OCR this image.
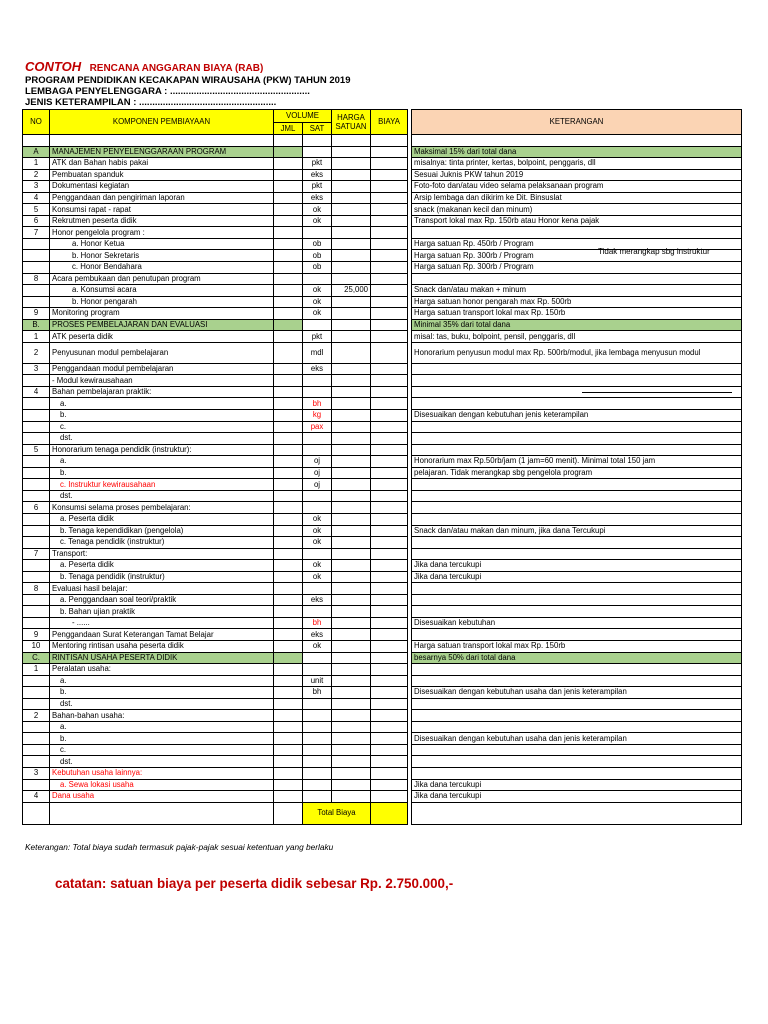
CONTOH RENCANA ANGGARAN BIAYA (RAB)
PROGRAM PENDIDIKAN KECAKAPAN WIRAUSAHA (PKW) TAHUN 2019
LEMBAGA PENYELENGGARA : .....................................................
JENIS KETERAMPILAN : ....................................................
NO	KOMPONEN PEMBIAYAAN	VOLUME		HARGA SATUAN	BIAYA		KETERANGAN
		JML	SAT				

A	MANAJEMEN PENYELENGGARAAN PROGRAM						Maksimal 15% dari total dana
1	ATK dan Bahan habis pakai		pkt				misalnya: tinta printer, kertas, bolpoint, penggaris, dll
2	Pembuatan spanduk		eks				Sesuai Juknis PKW tahun 2019
3	Dokumentasi kegiatan		pkt				Foto-foto dan/atau video selama pelaksanaan program
4	Penggandaan dan pengiriman laporan		eks				Arsip lembaga dan dikirim ke Dit. Binsuslat
5	Konsumsi rapat - rapat		ok				snack (makanan kecil dan minum)
6	Rekrutmen peserta didik		ok				Transport lokal max Rp. 150rb atau Honor kena pajak
7	Honor pengelola program :						
	a. Honor Ketua		ob				Harga satuan Rp. 450rb / Program
	b. Honor Sekretaris		ob				Harga satuan Rp. 300rb / Program
	c. Honor Bendahara		ob				Harga satuan Rp. 300rb / Program
8	Acara pembukaan dan penutupan program						
	a. Konsumsi acara		ok	25,000			Snack dan/atau makan + minum
	b. Honor pengarah		ok				Harga satuan honor pengarah max Rp. 500rb
9	Monitoring program		ok				Harga satuan transport lokal max Rp. 150rb
B.	PROSES PEMBELAJARAN DAN EVALUASI						Minimal 35% dari total dana
1	ATK peserta didik		pkt				misal: tas, buku, bolpoint, pensil, penggaris, dll
2	Penyusunan modul pembelajaran		mdl				Honorarium penyusun modul max Rp. 500rb/modul, jika lembaga menyusun modul
3	Penggandaan modul pembelajaran		eks				
	- Modul kewirausahaan						
4	Bahan pembelajaran praktik:						
	a.		bh				
	b.		kg				Disesuaikan dengan kebutuhan jenis keterampilan
	c.		pax				
	dst.						
5	Honorarium tenaga pendidik (instruktur):						
	a.		oj				Honorarium max Rp.50rb/jam (1 jam=60 menit). Minimal total 150 jam
	b.		oj				pelajaran. Tidak merangkap sbg pengelola program
	c. Instruktur kewirausahaan		oj				
	dst.						
6	Konsumsi selama proses pembelajaran:						
	a. Peserta didik		ok				
	b. Tenaga kependidikan (pengelola)		ok				Snack dan/atau makan dan minum, jika dana Tercukupi
	c. Tenaga pendidik (instruktur)		ok				
7	Transport:						
	a. Peserta didik		ok				Jika dana tercukupi
	b. Tenaga pendidik (instruktur)		ok				Jika dana tercukupi
8	Evaluasi hasil belajar:						
	a. Penggandaan soal teori/praktik		eks				
	b. Bahan ujian praktik						
	- ......		bh				Disesuaikan kebutuhan
9	Penggandaan Surat Keterangan Tamat Belajar		eks				
10	Mentoring rintisan usaha peserta didik		ok				Harga satuan transport lokal max Rp. 150rb
C.	RINTISAN USAHA PESERTA DIDIK						besarnya 50% dari total dana
1	Peralatan usaha:						
	a.		unit				
	b.		bh				Disesuaikan dengan kebutuhan usaha dan jenis keterampilan
	dst.						
2	Bahan-bahan usaha:						
	a.						
	b.						Disesuaikan dengan kebutuhan usaha dan jenis keterampilan
	c.						
	dst.						
3	Kebutuhan usaha lainnya:						
	a. Sewa lokasi usaha						Jika dana tercukupi
4	Dana usaha						Jika dana tercukupi
			Total Biaya				
Tidak merangkap sbg instruktur
Keterangan: Total biaya sudah termasuk pajak-pajak sesuai ketentuan yang berlaku
catatan: satuan biaya per peserta didik sebesar Rp. 2.750.000,-
